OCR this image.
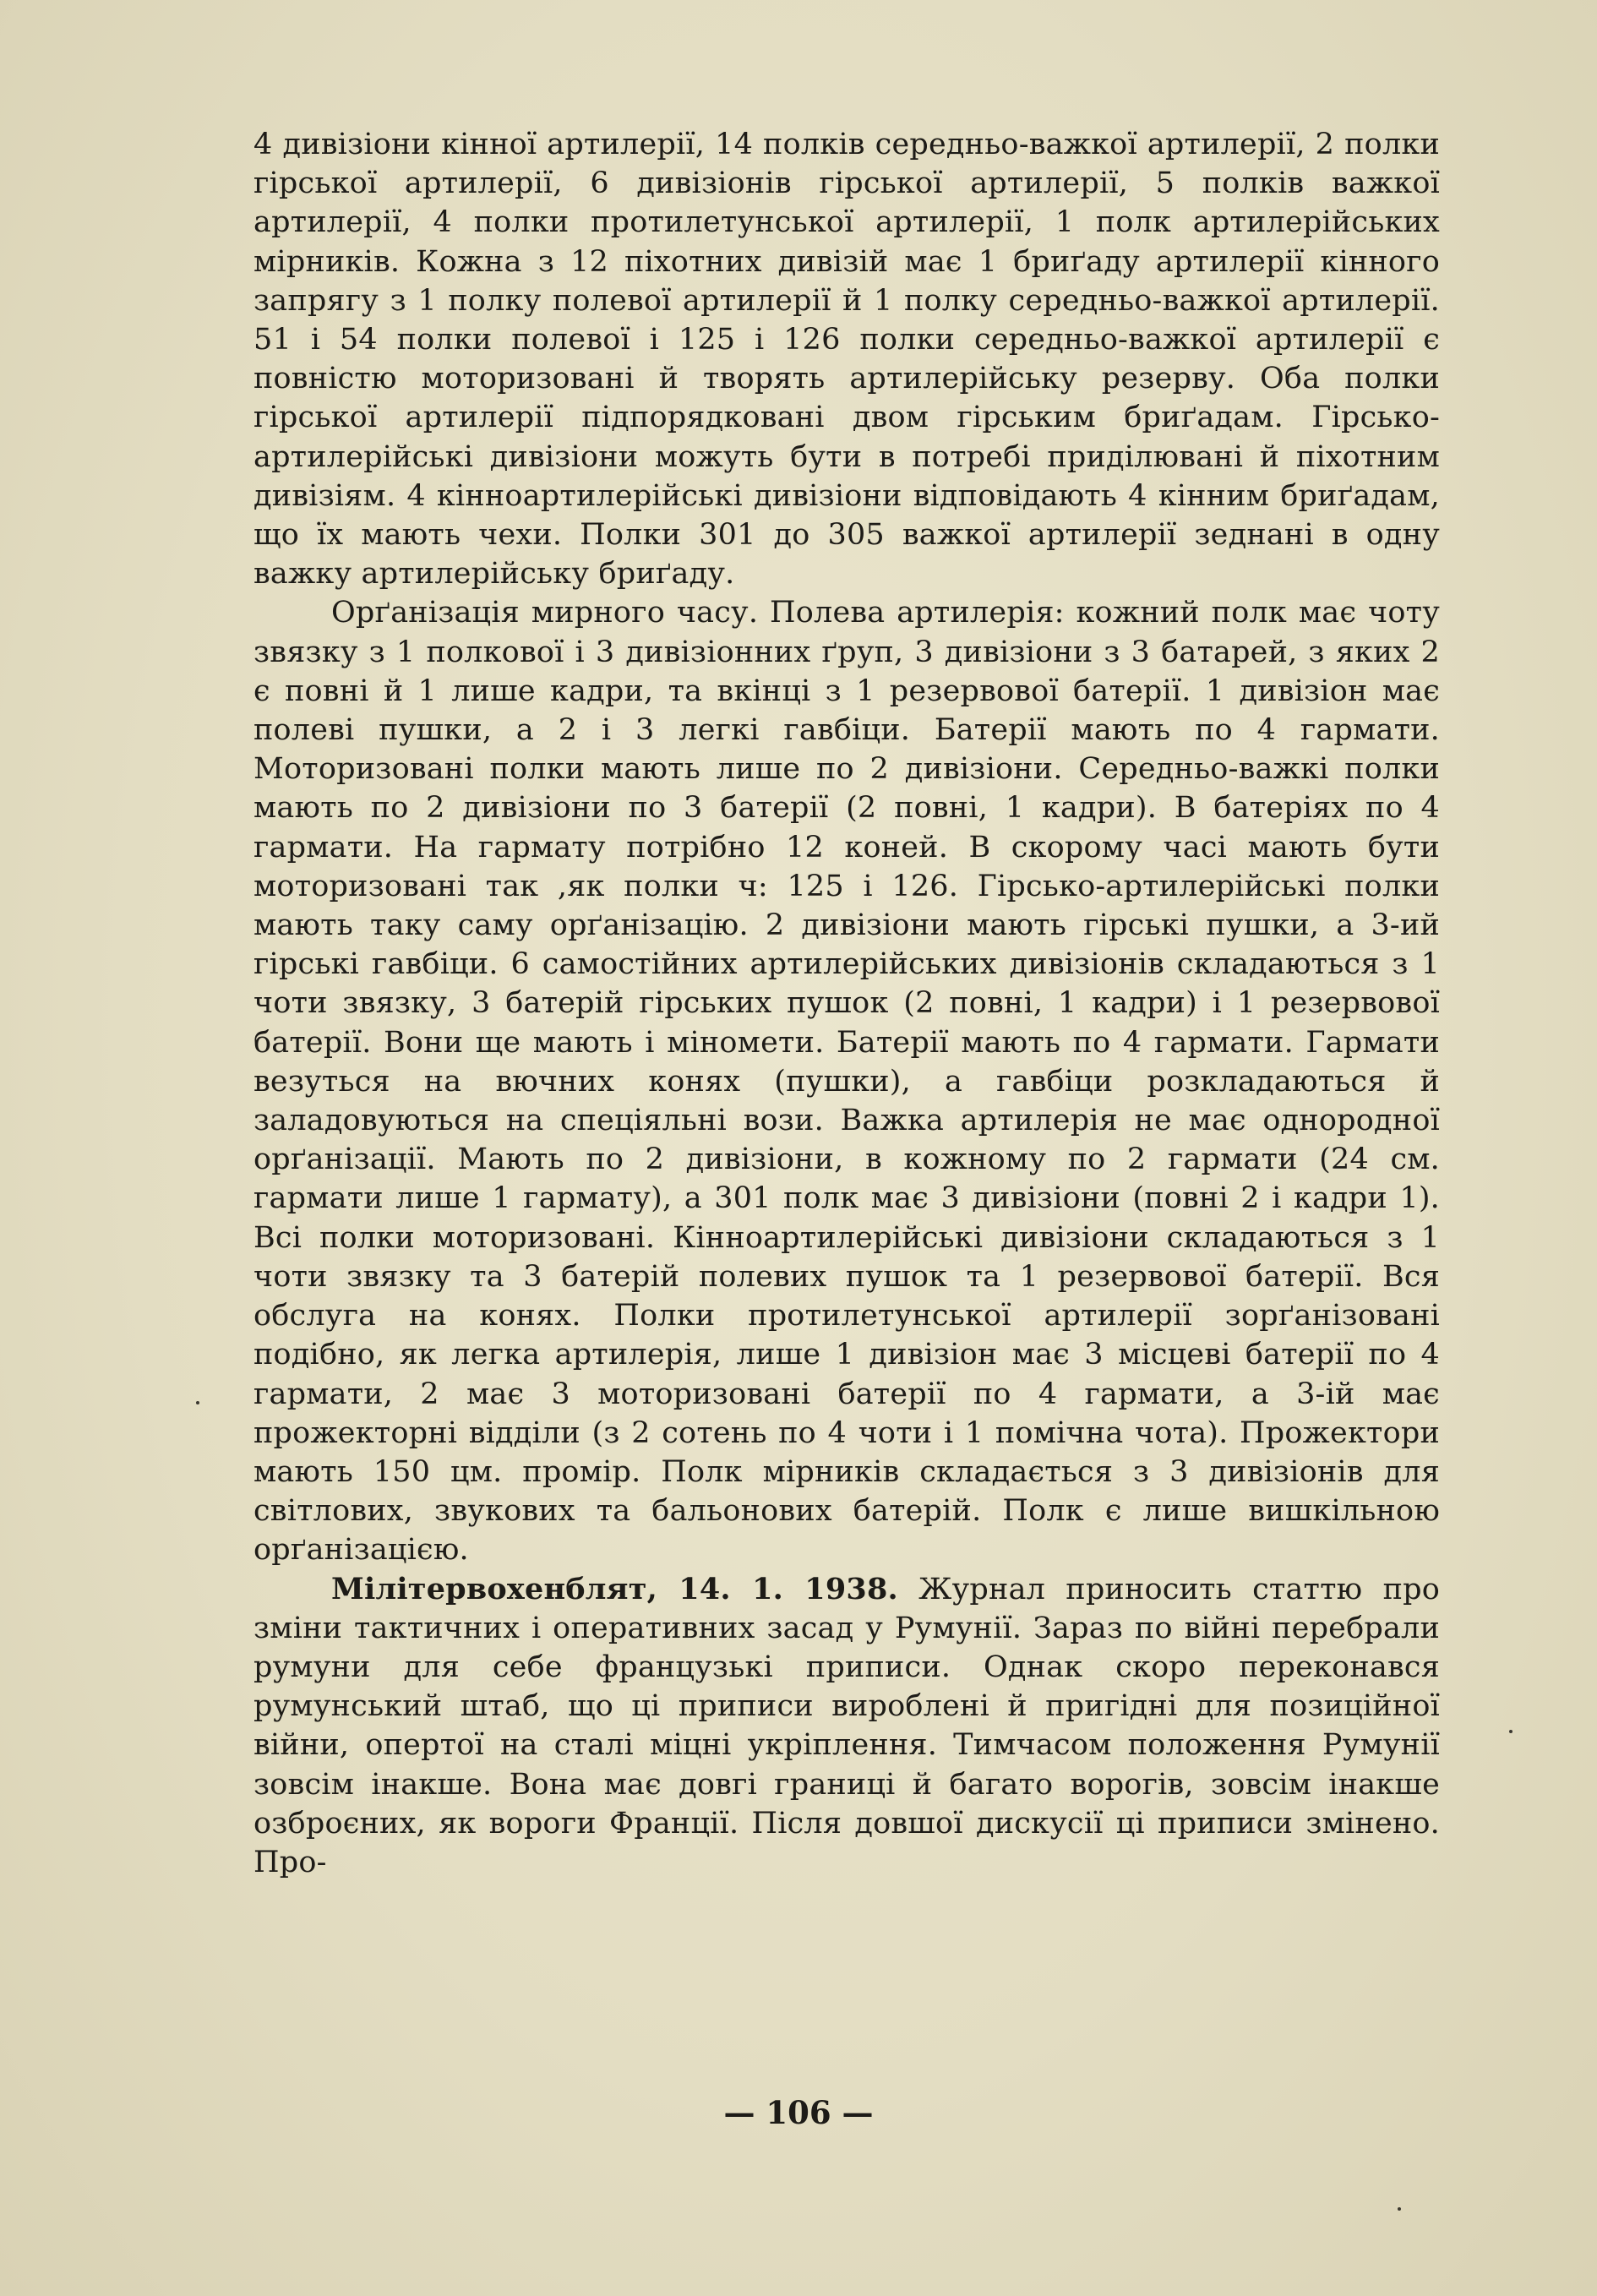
4 дивізіони кінної артилерії, 14 полків середньо-важкої артилерії, 2 полки гірської артилерії, 6 дивізіонів гірської артилерії, 5 полків важкої артилерії, 4 полки протилетунської артилерії, 1 полк артилерійських мірників. Кожна з 12 піхотних дивізій має 1 бриґаду артилерії кінного запрягу з 1 полку полевої артилерії й 1 полку середньо-важкої артилерії. 51 і 54 полки полевої і 125 і 126 полки середньо-важкої артилерії є повністю моторизовані й творять артилерійську резерву. Оба полки гірської артилерії підпорядковані двом гірським бриґадам. Гірсько-артилерійські дивізіони можуть бути в потребі приділювані й піхотним дивізіям. 4 кінноартилерійські дивізіони відповідають 4 кінним бриґадам, що їх мають чехи. Полки 301 до 305 важкої артилерії зеднані в одну важку артилерійську бриґаду.

Орґанізація мирного часу. Полева артилерія: кожний полк має чоту звязку з 1 полкової і 3 дивізіонних ґруп, 3 дивізіони з 3 батарей, з яких 2 є повні й 1 лише кадри, та вкінці з 1 резервової батерії. 1 дивізіон має полеві пушки, а 2 і 3 легкі гавбіци. Батерії мають по 4 гармати. Моторизовані полки мають лише по 2 дивізіони. Середньо-важкі полки мають по 2 дивізіони по 3 батерії (2 повні, 1 кадри). В батеріях по 4 гармати. На гармату потрібно 12 коней. В скорому часі мають бути моторизовані так ,як полки ч: 125 і 126. Гірсько-артилерійські полки мають таку саму орґанізацію. 2 дивізіони мають гірські пушки, а 3-ий гірські гавбіци. 6 самостійних артилерійських дивізіонів складаються з 1 чоти звязку, 3 батерій гірських пушок (2 повні, 1 кадри) і 1 резервової батерії. Вони ще мають і міномети. Батерії мають по 4 гармати. Гармати везуться на вючних конях (пушки), а гавбіци розкладаються й заладовуються на спеціяльні вози. Важка артилерія не має однородної орґанізації. Мають по 2 дивізіони, в кожному по 2 гармати (24 см. гармати лише 1 гармату), а 301 полк має 3 дивізіони (повні 2 і кадри 1). Всі полки моторизовані. Кінноартилерійські дивізіони складаються з 1 чоти звязку та 3 батерій полевих пушок та 1 резервової батерії. Вся обслуга на конях. Полки протилетунської артилерії зорґанізовані подібно, як легка артилерія, лише 1 дивізіон має 3 місцеві батерії по 4 гармати, 2 має 3 моторизовані батерії по 4 гармати, а 3-ій має прожекторні відділи (з 2 сотень по 4 чоти і 1 помічна чота). Прожектори мають 150 цм. промір. Полк мірників складається з 3 дивізіонів для світлових, звукових та бальонових батерій. Полк є лише вишкільною орґанізацією.

Мілітервохенблят, 14. 1. 1938. Журнал приносить статтю про зміни тактичних і оперативних засад у Румунії. Зараз по війні перебрали румуни для себе французькі приписи. Однак скоро переконався румунський штаб, що ці приписи вироблені й пригідні для позиційної війни, опертої на сталі міцні укріплення. Тимчасом положення Румунії зовсім інакше. Вона має довгі границі й багато ворогів, зовсім інакше озброєних, як вороги Франції. Після довшої дискусії ці приписи змінено. Про-

— 106 —
